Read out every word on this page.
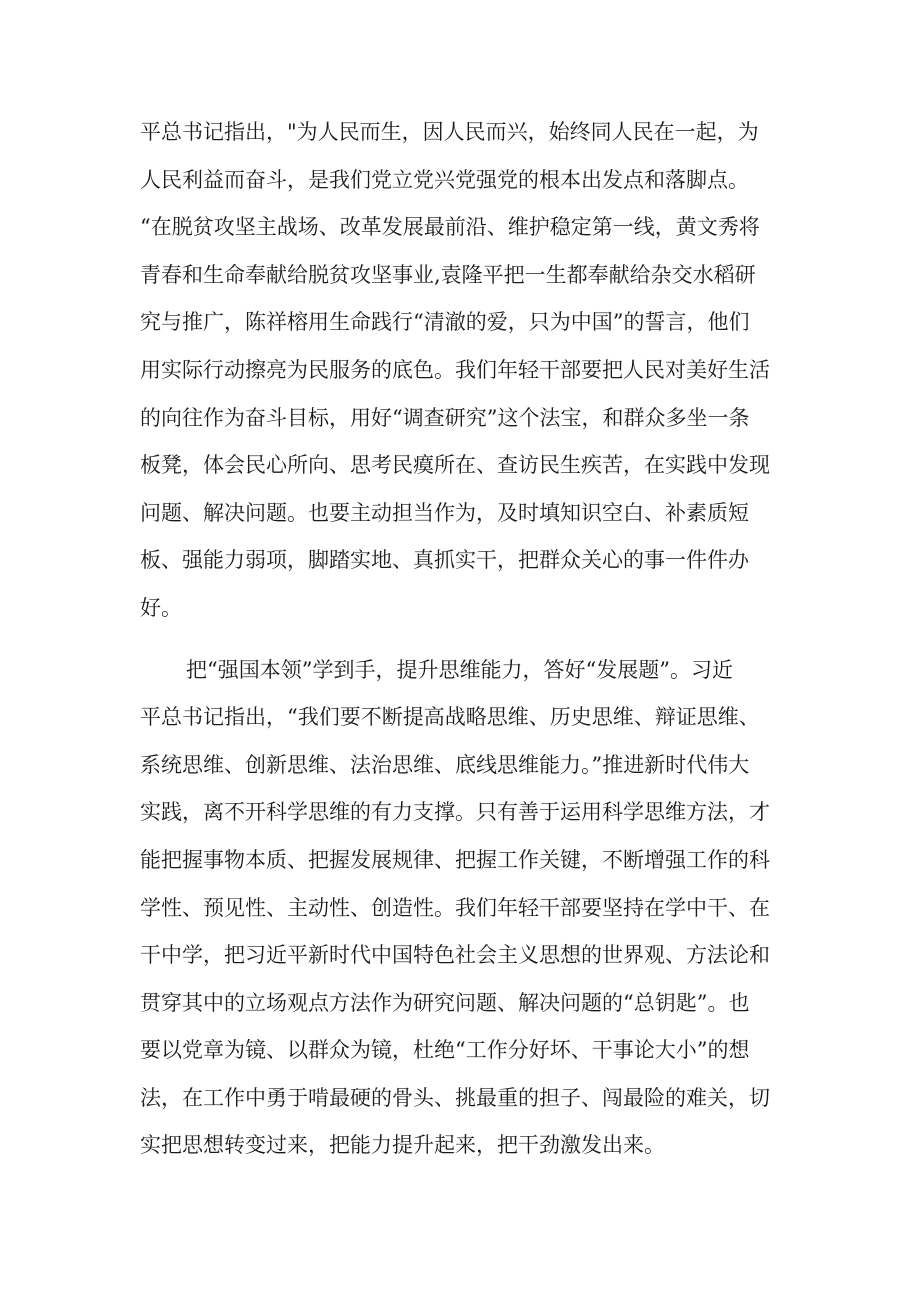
平总书记指出，"为人民而生，因人民而兴，始终同人民在一起，为
人民利益而奋斗，是我们党立党兴党强党的根本出发点和落脚点。
“在脱贫攻坚主战场、改革发展最前沿、维护稳定第一线，黄文秀将
青春和生命奉献给脱贫攻坚事业,袁隆平把一生都奉献给杂交水稻研
究与推广，陈祥榕用生命践行“清澈的爱，只为中国”的誓言，他们
用实际行动擦亮为民服务的底色。我们年轻干部要把人民对美好生活
的向往作为奋斗目标，用好“调查研究”这个法宝，和群众多坐一条
板凳，体会民心所向、思考民瘼所在、查访民生疾苦，在实践中发现
问题、解决问题。也要主动担当作为，及时填知识空白、补素质短
板、强能力弱项，脚踏实地、真抓实干，把群众关心的事一件件办
好。
把“强国本领”学到手，提升思维能力，答好“发展题”。习近
平总书记指出，“我们要不断提高战略思维、历史思维、辩证思维、
系统思维、创新思维、法治思维、底线思维能力。”推进新时代伟大
实践，离不开科学思维的有力支撑。只有善于运用科学思维方法，才
能把握事物本质、把握发展规律、把握工作关键，不断增强工作的科
学性、预见性、主动性、创造性。我们年轻干部要坚持在学中干、在
干中学，把习近平新时代中国特色社会主义思想的世界观、方法论和
贯穿其中的立场观点方法作为研究问题、解决问题的“总钥匙”。也
要以党章为镜、以群众为镜，杜绝“工作分好坏、干事论大小”的想
法，在工作中勇于啃最硬的骨头、挑最重的担子、闯最险的难关，切
实把思想转变过来，把能力提升起来，把干劲激发出来。
